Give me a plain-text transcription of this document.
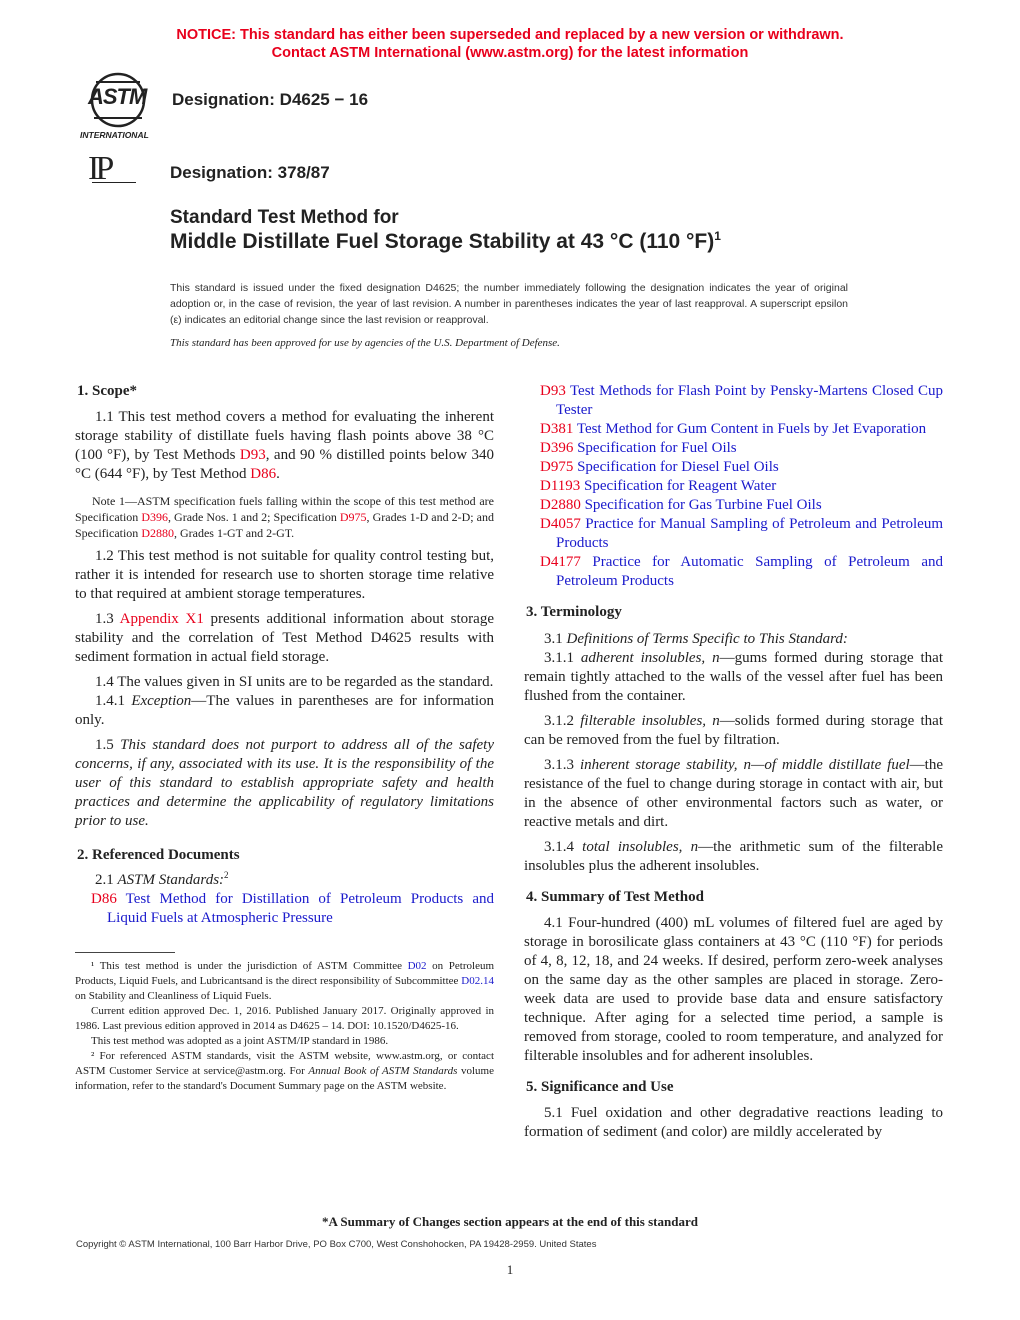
NOTICE: This standard has either been superseded and replaced by a new version or withdrawn.
Contact ASTM International (www.astm.org) for the latest information
ASTM
INTERNATIONAL
IP
Designation: D4625 − 16
Designation: 378/87
Standard Test Method for
Middle Distillate Fuel Storage Stability at 43 °C (110 °F)$^1$
This standard is issued under the fixed designation D4625; the number immediately following the designation indicates the year of original adoption or, in the case of revision, the year of last revision. A number in parentheses indicates the year of last reapproval. A superscript epsilon (ε) indicates an editorial change since the last revision or reapproval.
This standard has been approved for use by agencies of the U.S. Department of Defense.

1. Scope*

1.1 This test method covers a method for evaluating the inherent storage stability of distillate fuels having flash points above 38 °C (100 °F), by Test Methods D93, and 90 % distilled points below 340 °C (644 °F), by Test Method D86.

Note 1—ASTM specification fuels falling within the scope of this test method are Specification D396, Grade Nos. 1 and 2; Specification D975, Grades 1-D and 2-D; and Specification D2880, Grades 1-GT and 2-GT.

1.2 This test method is not suitable for quality control testing but, rather it is intended for research use to shorten storage time relative to that required at ambient storage temperatures.

1.3 Appendix X1 presents additional information about storage stability and the correlation of Test Method D4625 results with sediment formation in actual field storage.

1.4 The values given in SI units are to be regarded as the standard.

1.4.1 Exception—The values in parentheses are for information only.

1.5 This standard does not purport to address all of the safety concerns, if any, associated with its use. It is the responsibility of the user of this standard to establish appropriate safety and health practices and determine the applicability of regulatory limitations prior to use.

2. Referenced Documents

2.1 ASTM Standards:$^2$

D86 Test Method for Distillation of Petroleum Products and Liquid Fuels at Atmospheric Pressure

¹ This test method is under the jurisdiction of ASTM Committee D02 on Petroleum Products, Liquid Fuels, and Lubricantsand is the direct responsibility of Subcommittee D02.14 on Stability and Cleanliness of Liquid Fuels.

Current edition approved Dec. 1, 2016. Published January 2017. Originally approved in 1986. Last previous edition approved in 2014 as D4625 – 14. DOI: 10.1520/D4625-16.

This test method was adopted as a joint ASTM/IP standard in 1986.

² For referenced ASTM standards, visit the ASTM website, www.astm.org, or contact ASTM Customer Service at service@astm.org. For Annual Book of ASTM Standards volume information, refer to the standard's Document Summary page on the ASTM website.

D93 Test Methods for Flash Point by Pensky-Martens Closed Cup Tester

D381 Test Method for Gum Content in Fuels by Jet Evaporation

D396 Specification for Fuel Oils

D975 Specification for Diesel Fuel Oils

D1193 Specification for Reagent Water

D2880 Specification for Gas Turbine Fuel Oils

D4057 Practice for Manual Sampling of Petroleum and Petroleum Products

D4177 Practice for Automatic Sampling of Petroleum and Petroleum Products

3. Terminology

3.1 Definitions of Terms Specific to This Standard:

3.1.1 adherent insolubles, n—gums formed during storage that remain tightly attached to the walls of the vessel after fuel has been flushed from the container.

3.1.2 filterable insolubles, n—solids formed during storage that can be removed from the fuel by filtration.

3.1.3 inherent storage stability, n—of middle distillate fuel—the resistance of the fuel to change during storage in contact with air, but in the absence of other environmental factors such as water, or reactive metals and dirt.

3.1.4 total insolubles, n—the arithmetic sum of the filterable insolubles plus the adherent insolubles.

4. Summary of Test Method

4.1 Four-hundred (400) mL volumes of filtered fuel are aged by storage in borosilicate glass containers at 43 °C (110 °F) for periods of 4, 8, 12, 18, and 24 weeks. If desired, perform zero-week analyses on the same day as the other samples are placed in storage. Zero-week data are used to provide base data and ensure satisfactory technique. After aging for a selected time period, a sample is removed from storage, cooled to room temperature, and analyzed for filterable insolubles and for adherent insolubles.

5. Significance and Use

5.1 Fuel oxidation and other degradative reactions leading to formation of sediment (and color) are mildly accelerated by

*A Summary of Changes section appears at the end of this standard
Copyright © ASTM International, 100 Barr Harbor Drive, PO Box C700, West Conshohocken, PA 19428-2959. United States
1
